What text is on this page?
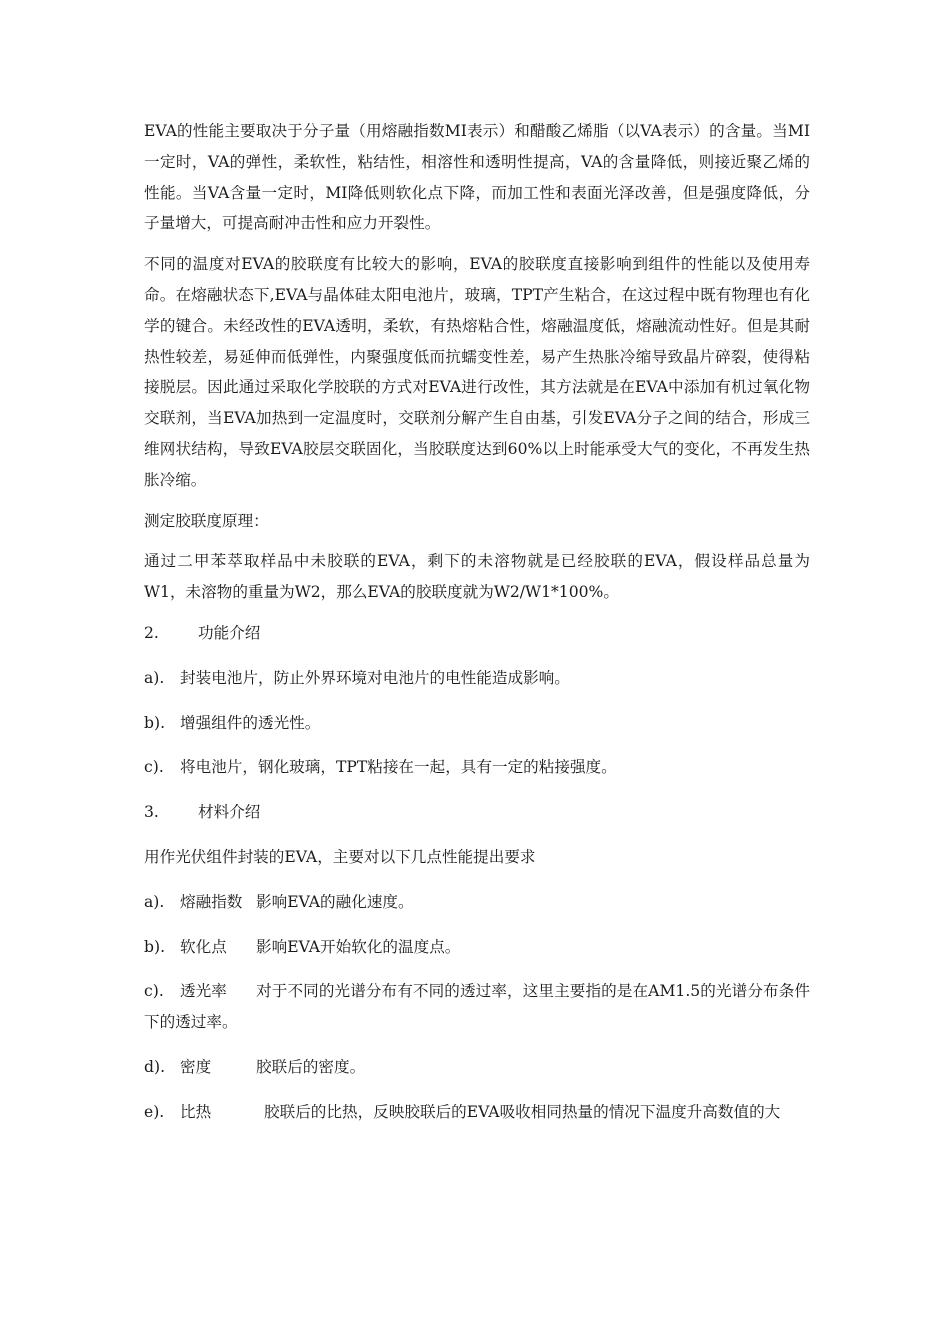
EVA的性能主要取决于分子量（用熔融指数MI表示）和醋酸乙烯脂（以VA表示）的含量。当MI一定时，VA的弹性，柔软性，粘结性，相溶性和透明性提高，VA的含量降低，则接近聚乙烯的性能。当VA含量一定时，MI降低则软化点下降，而加工性和表面光泽改善，但是强度降低，分子量增大，可提高耐冲击性和应力开裂性。

不同的温度对EVA的胶联度有比较大的影响，EVA的胶联度直接影响到组件的性能以及使用寿命。在熔融状态下,EVA与晶体硅太阳电池片，玻璃，TPT产生粘合，在这过程中既有物理也有化学的键合。未经改性的EVA透明，柔软，有热熔粘合性，熔融温度低，熔融流动性好。但是其耐热性较差，易延伸而低弹性，内聚强度低而抗蠕变性差，易产生热胀冷缩导致晶片碎裂，使得粘接脱层。因此通过采取化学胶联的方式对EVA进行改性，其方法就是在EVA中添加有机过氧化物交联剂，当EVA加热到一定温度时，交联剂分解产生自由基，引发EVA分子之间的结合，形成三维网状结构，导致EVA胶层交联固化，当胶联度达到60%以上时能承受大气的变化，不再发生热胀冷缩。

测定胶联度原理：

通过二甲苯萃取样品中未胶联的EVA，剩下的未溶物就是已经胶联的EVA，假设样品总量为W1，未溶物的重量为W2，那么EVA的胶联度就为W2/W1*100%。

2.	功能介绍
a). 封装电池片，防止外界环境对电池片的电性能造成影响。
b). 增强组件的透光性。
c). 将电池片，钢化玻璃，TPT粘接在一起，具有一定的粘接强度。
3.	材料介绍

用作光伏组件封装的EVA，主要对以下几点性能提出要求

a). 熔融指数 影响EVA的融化速度。
b). 软化点 影响EVA开始软化的温度点。
c). 透光率 对于不同的光谱分布有不同的透过率，这里主要指的是在AM1.5的光谱分布条件下的透过率。
d). 密度	胶联后的密度。
e). 比热	胶联后的比热，反映胶联后的EVA吸收相同热量的情况下温度升高数值的大
